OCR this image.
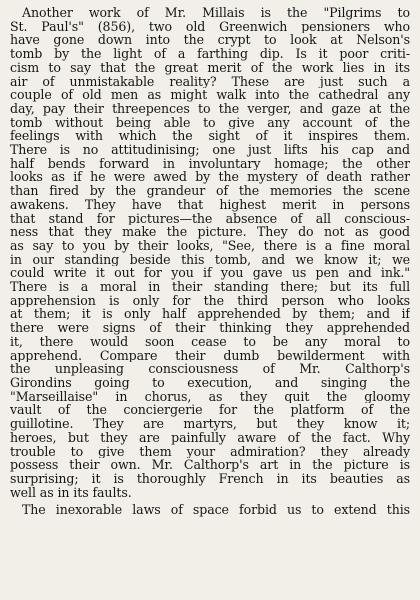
Another work of Mr. Millais is the "Pilgrims to
St. Paul's" (856), two old Greenwich pensioners who
have gone down into the crypt to look at Nelson's
tomb by the light of a farthing dip. Is it poor criti-
cism to say that the great merit of the work lies in its
air of unmistakable reality? These are just such a
couple of old men as might walk into the cathedral any
day, pay their threepences to the verger, and gaze at the
tomb without being able to give any account of the
feelings with which the sight of it inspires them.
There is no attitudinising; one just lifts his cap and
half bends forward in involuntary homage; the other
looks as if he were awed by the mystery of death rather
than fired by the grandeur of the memories the scene
awakens. They have that highest merit in persons
that stand for pictures—the absence of all conscious-
ness that they make the picture. They do not as good
as say to you by their looks, "See, there is a fine moral
in our standing beside this tomb, and we know it; we
could write it out for you if you gave us pen and ink."
There is a moral in their standing there; but its full
apprehension is only for the third person who looks
at them; it is only half apprehended by them; and if
there were signs of their thinking they apprehended
it, there would soon cease to be any moral to
apprehend. Compare their dumb bewilderment with
the unpleasing consciousness of Mr. Calthorp's
Girondins going to execution, and singing the
"Marseillaise" in chorus, as they quit the gloomy
vault of the conciergerie for the platform of the
guillotine. They are martyrs, but they know it;
heroes, but they are painfully aware of the fact. Why
trouble to give them your admiration? they already
possess their own. Mr. Calthorp's art in the picture is
surprising; it is thoroughly French in its beauties as
well as in its faults.
The inexorable laws of space forbid us to extend this
